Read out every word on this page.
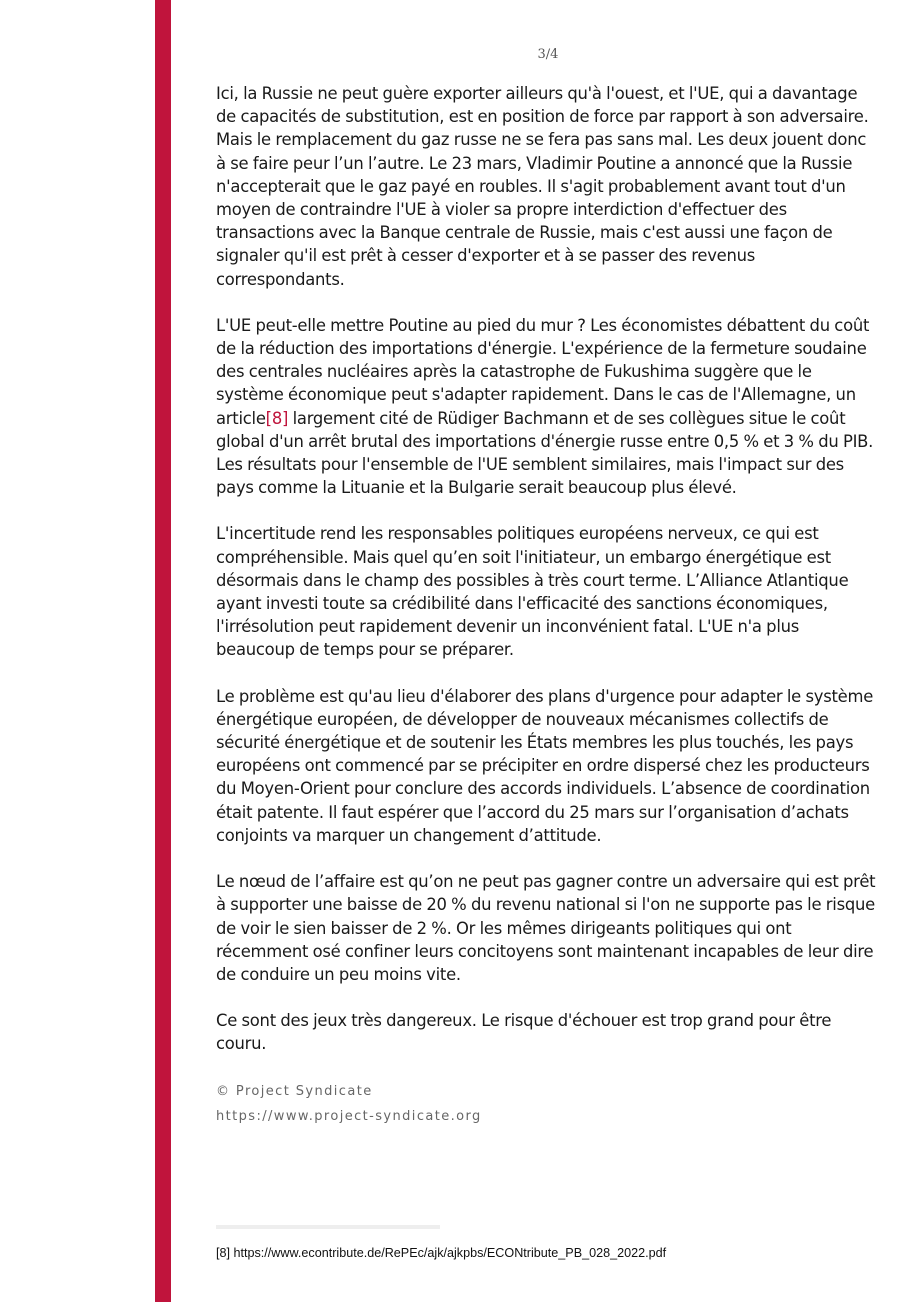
3/4

Ici, la Russie ne peut guère exporter ailleurs qu'à l'ouest, et l'UE, qui a davantage de capacités de substitution, est en position de force par rapport à son adversaire. Mais le remplacement du gaz russe ne se fera pas sans mal. Les deux jouent donc à se faire peur l’un l’autre. Le 23 mars, Vladimir Poutine a annoncé que la Russie n'accepterait que le gaz payé en roubles. Il s'agit probablement avant tout d'un moyen de contraindre l'UE à violer sa propre interdiction d'effectuer des transactions avec la Banque centrale de Russie, mais c'est aussi une façon de signaler qu'il est prêt à cesser d'exporter et à se passer des revenus correspondants.

L'UE peut-elle mettre Poutine au pied du mur ? Les économistes débattent du coût de la réduction des importations d'énergie. L'expérience de la fermeture soudaine des centrales nucléaires après la catastrophe de Fukushima suggère que le système économique peut s'adapter rapidement. Dans le cas de l'Allemagne, un article[8] largement cité de Rüdiger Bachmann et de ses collègues situe le coût global d'un arrêt brutal des importations d'énergie russe entre 0,5 % et 3 % du PIB. Les résultats pour l'ensemble de l'UE semblent similaires, mais l'impact sur des pays comme la Lituanie et la Bulgarie serait beaucoup plus élevé.

L'incertitude rend les responsables politiques européens nerveux, ce qui est compréhensible. Mais quel qu’en soit l'initiateur, un embargo énergétique est désormais dans le champ des possibles à très court terme. L’Alliance Atlantique ayant investi toute sa crédibilité dans l'efficacité des sanctions économiques, l'irrésolution peut rapidement devenir un inconvénient fatal. L'UE n'a plus beaucoup de temps pour se préparer.

Le problème est qu'au lieu d'élaborer des plans d'urgence pour adapter le système énergétique européen, de développer de nouveaux mécanismes collectifs de sécurité énergétique et de soutenir les États membres les plus touchés, les pays européens ont commencé par se précipiter en ordre dispersé chez les producteurs du Moyen-Orient pour conclure des accords individuels. L’absence de coordination était patente. Il faut espérer que l’accord du 25 mars sur l’organisation d’achats conjoints va marquer un changement d’attitude.

Le nœud de l’affaire est qu’on ne peut pas gagner contre un adversaire qui est prêt à supporter une baisse de 20 % du revenu national si l'on ne supporte pas le risque de voir le sien baisser de 2 %. Or les mêmes dirigeants politiques qui ont récemment osé confiner leurs concitoyens sont maintenant incapables de leur dire de conduire un peu moins vite.

Ce sont des jeux très dangereux. Le risque d'échouer est trop grand pour être couru.

© Project Syndicate
https://www.project-syndicate.org
[8] https://www.econtribute.de/RePEc/ajk/ajkpbs/ECONtribute_PB_028_2022.pdf
